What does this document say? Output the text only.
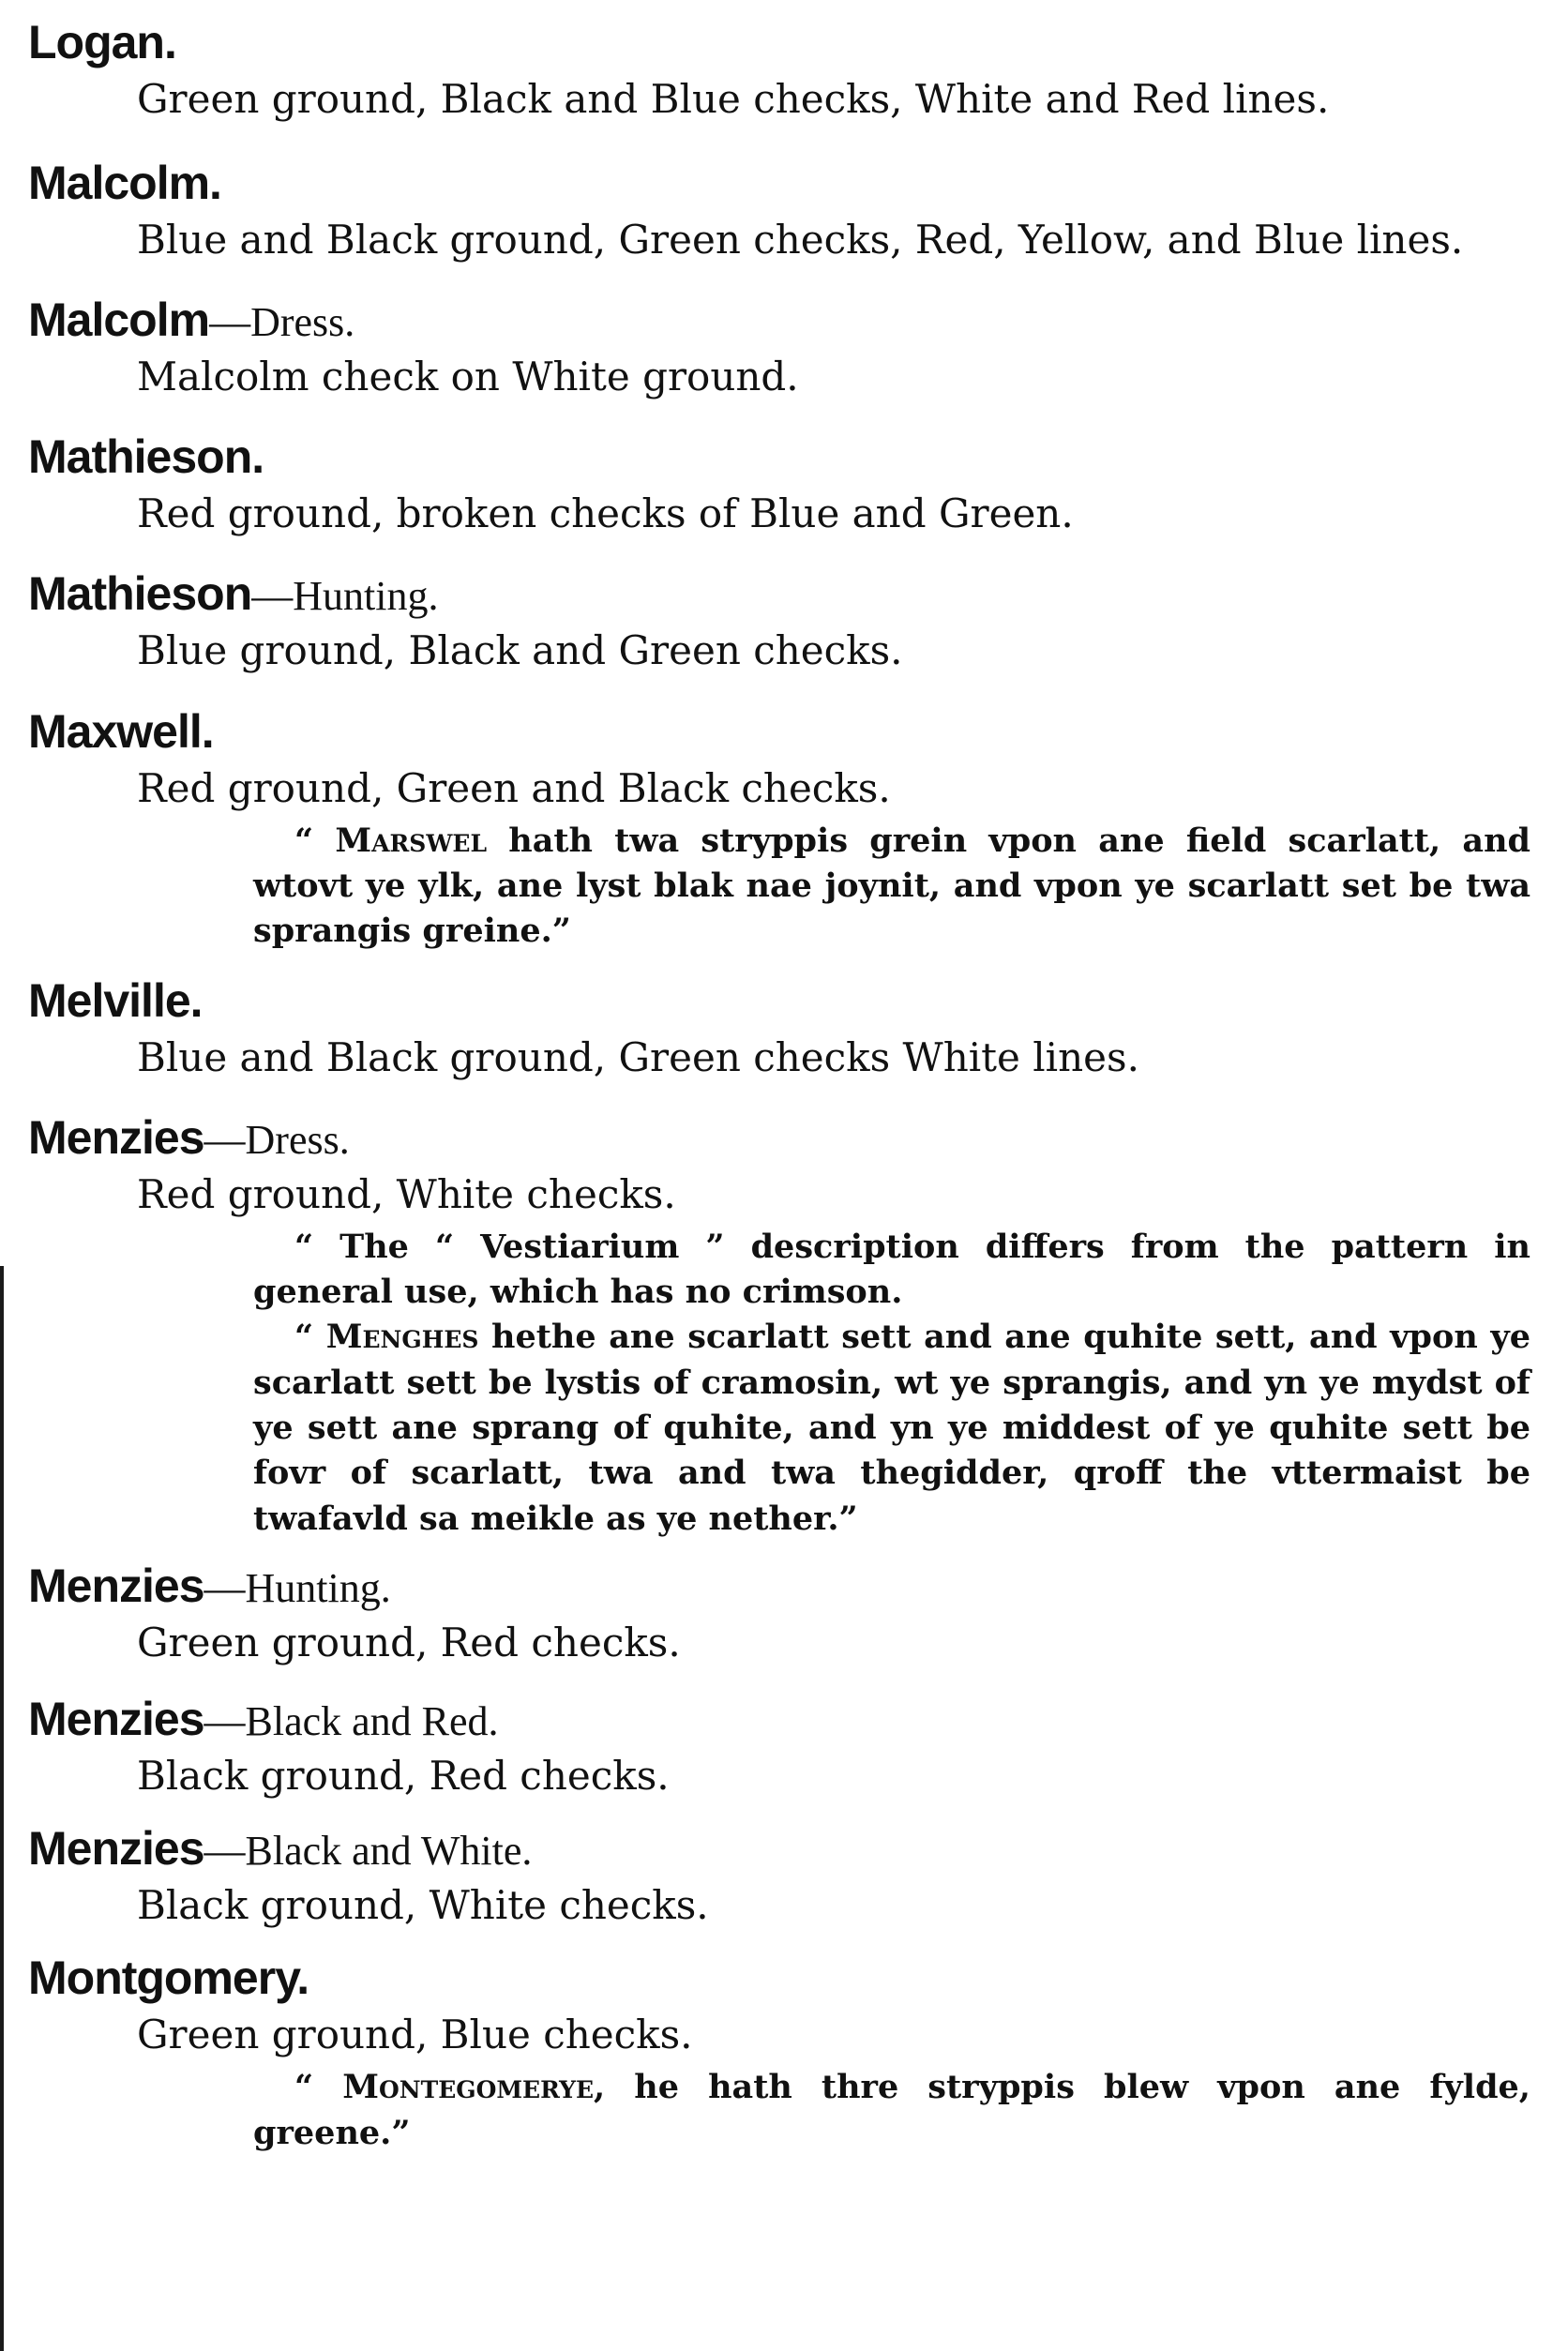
Logan.
Green ground, Black and Blue checks, White and Red lines.
Malcolm.
Blue and Black ground, Green checks, Red, Yellow, and Blue lines.
Malcolm—Dress.
Malcolm check on White ground.
Mathieson.
Red ground, broken checks of Blue and Green.
Mathieson—Hunting.
Blue ground, Black and Green checks.
Maxwell.
Red ground, Green and Black checks.

“ Marswel hath twa stryppis grein vpon ane field scarlatt, and wtovt ye ylk, ane lyst blak nae joynit, and vpon ye scarlatt set be twa sprangis greine.”

Melville.
Blue and Black ground, Green checks White lines.
Menzies—Dress.
Red ground, White checks.

“ The “ Vestiarium ” description differs from the pattern in general use, which has no crimson.

“ Menghes hethe ane scarlatt sett and ane quhite sett, and vpon ye scarlatt sett be lystis of cramosin, wt ye sprangis, and yn ye mydst of ye sett ane sprang of quhite, and yn ye middest of ye quhite sett be fovr of scarlatt, twa and twa thegidder, qroff the vttermaist be twafavld sa meikle as ye nether.”

Menzies—Hunting.
Green ground, Red checks.
Menzies—Black and Red.
Black ground, Red checks.
Menzies—Black and White.
Black ground, White checks.
Montgomery.
Green ground, Blue checks.

“ Montegomerye, he hath thre stryppis blew vpon ane fylde, greene.”
